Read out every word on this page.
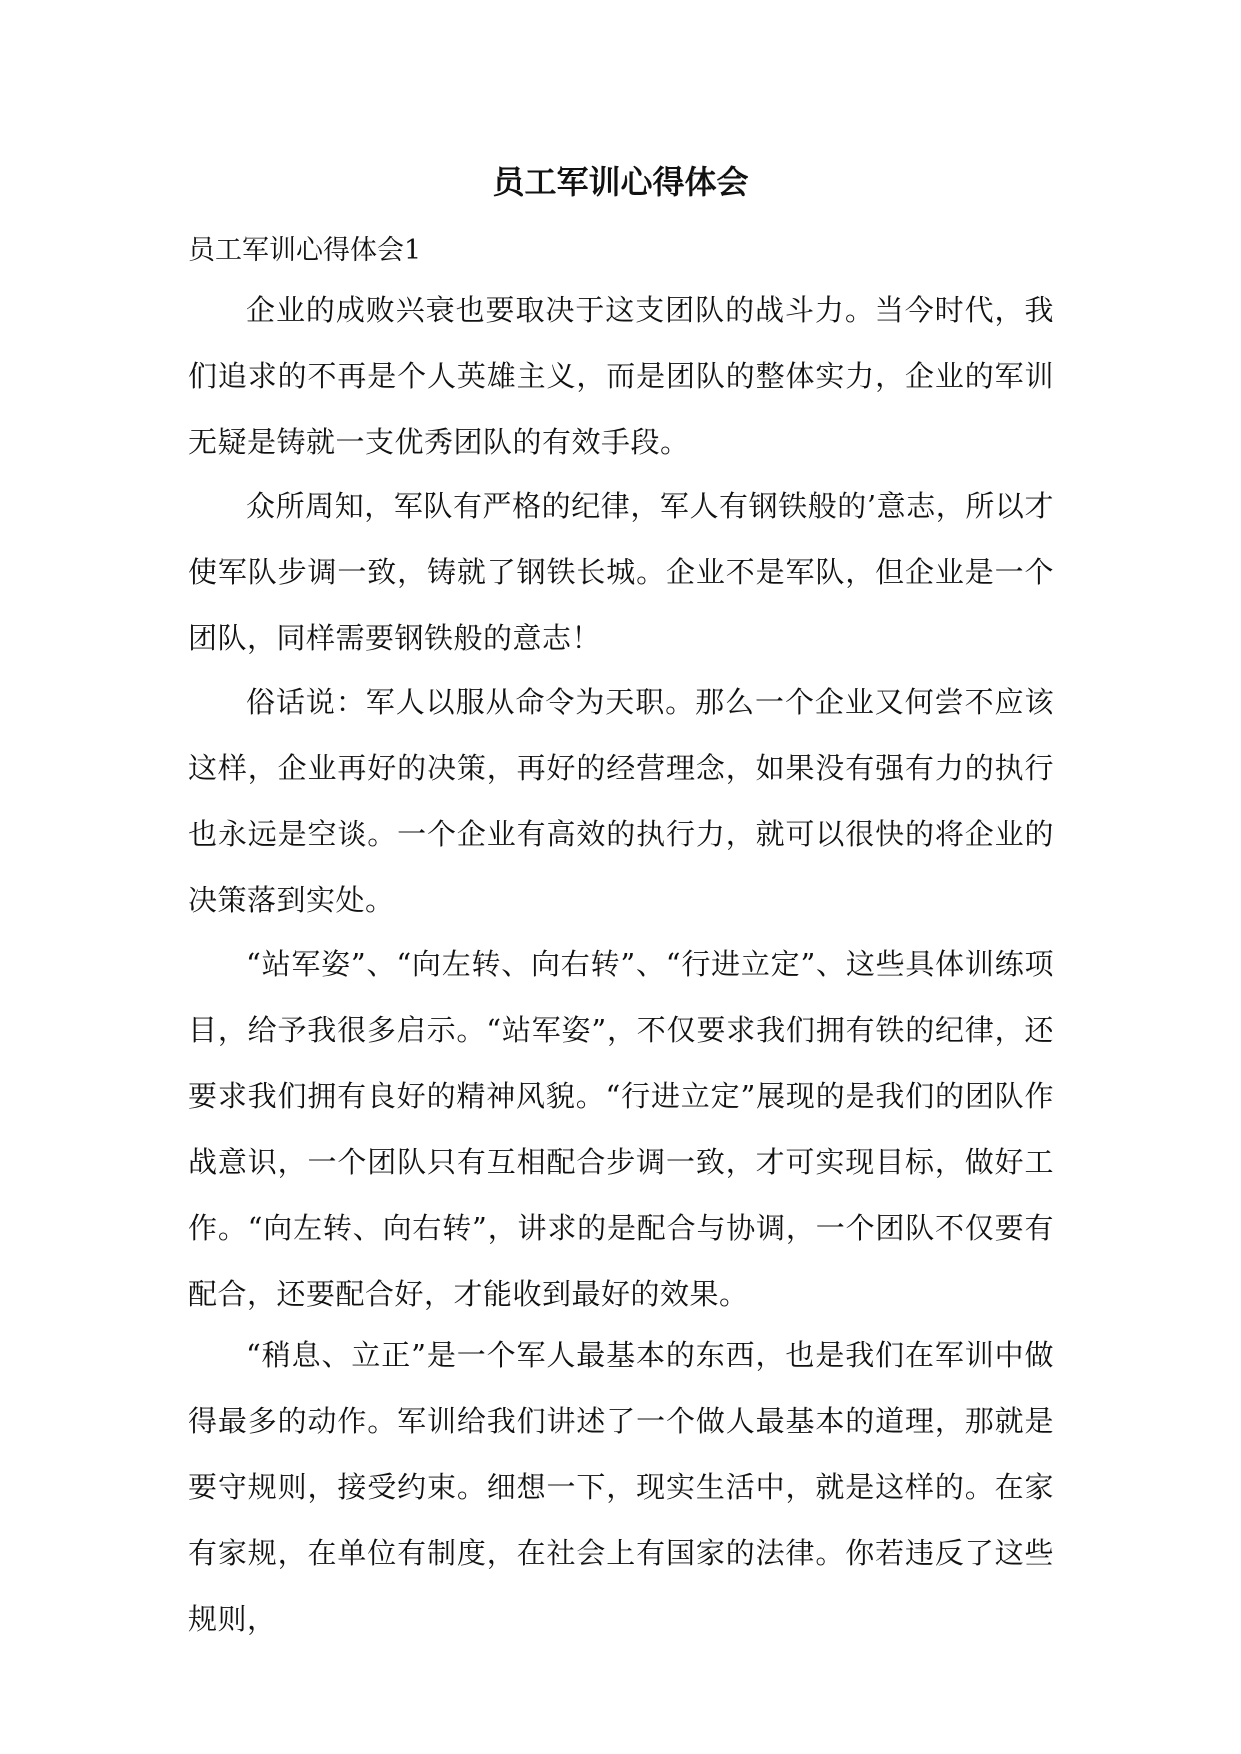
员工军训心得体会
员工军训心得体会1

企业的成败兴衰也要取决于这支团队的战斗力。当今时代，我们追求的不再是个人英雄主义，而是团队的整体实力，企业的军训无疑是铸就一支优秀团队的有效手段。

众所周知，军队有严格的纪律，军人有钢铁般的’意志，所以才使军队步调一致，铸就了钢铁长城。企业不是军队，但企业是一个团队，同样需要钢铁般的意志！

俗话说：军人以服从命令为天职。那么一个企业又何尝不应该这样，企业再好的决策，再好的经营理念，如果没有强有力的执行也永远是空谈。一个企业有高效的执行力，就可以很快的将企业的决策落到实处。

“站军姿”、“向左转、向右转”、“行进立定”、这些具体训练项目，给予我很多启示。“站军姿”，不仅要求我们拥有铁的纪律，还要求我们拥有良好的精神风貌。“行进立定”展现的是我们的团队作战意识，一个团队只有互相配合步调一致，才可实现目标，做好工作。“向左转、向右转”，讲求的是配合与协调，一个团队不仅要有配合，还要配合好，才能收到最好的效果。

“稍息、立正”是一个军人最基本的东西，也是我们在军训中做得最多的动作。军训给我们讲述了一个做人最基本的道理，那就是要守规则，接受约束。细想一下，现实生活中，就是这样的。在家有家规，在单位有制度，在社会上有国家的法律。你若违反了这些规则，
